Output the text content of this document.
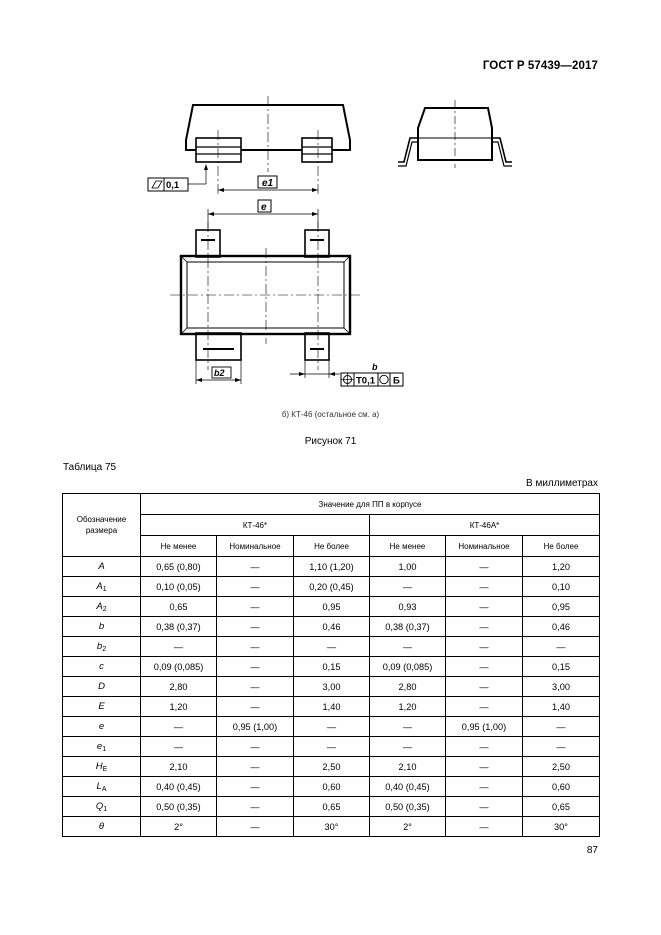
ГОСТ Р 57439—2017
e1
0,1
e
b2
b
T0,1 Б
б) КТ-46 (остальное см. а)
Рисунок 71
Таблица 75
В миллиметрах
Обозначение размера	Значение для ПП в корпусе					
	КТ-46*			КТ-46А*		
	Не менее	Номинальное	Не более	Не менее	Номинальное	Не более
A	0,65 (0,80)	—	1,10 (1,20)	1,00	—	1,20
$A_1$	0,10 (0,05)	—	0,20 (0,45)	—	—	0,10
$A_2$	0,65	—	0,95	0,93	—	0,95
b	0,38 (0,37)	—	0,46	0,38 (0,37)	—	0,46
$b_2$	—	—	—	—	—	—
c	0,09 (0,085)	—	0,15	0,09 (0,085)	—	0,15
D	2,80	—	3,00	2,80	—	3,00
E	1,20	—	1,40	1,20	—	1,40
e	—	0,95 (1,00)	—	—	0,95 (1,00)	—
$e_1$	—	—	—	—	—	—
$H_E$	2,10	—	2,50	2,10	—	2,50
$L_A$	0,40 (0,45)	—	0,60	0,40 (0,45)	—	0,60
$Q_1$	0,50 (0,35)	—	0,65	0,50 (0,35)	—	0,65
θ	2°	—	30°	2°	—	30°
87
